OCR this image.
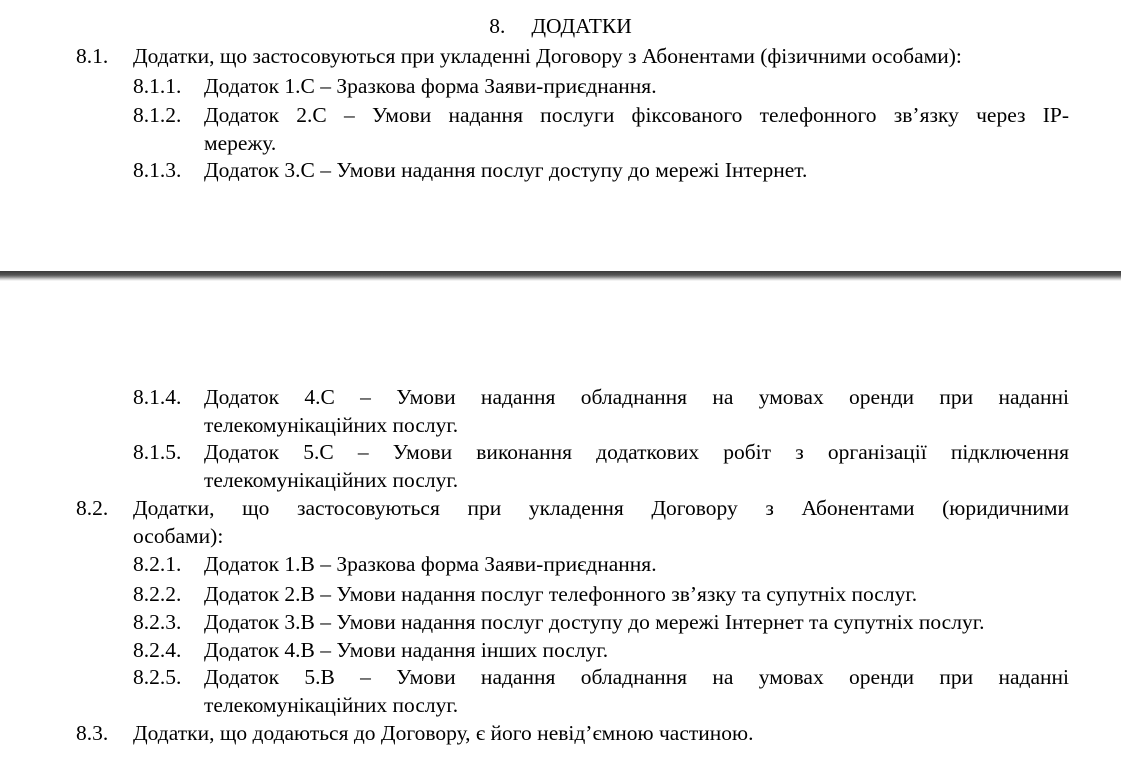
8. ДОДАТКИ
8.1.	Додатки, що застосовуються при укладенні Договору з Абонентами (фізичними особами):
8.1.1.	Додаток 1.С – Зразкова форма Заяви-приєднання.
8.1.2.	Додаток 2.С – Умови надання послуги фіксованого телефонного зв’язку через IP-
мережу.
8.1.3.	Додаток 3.С – Умови надання послуг доступу до мережі Інтернет.
8.1.4.	Додаток 4.С – Умови надання обладнання на умовах оренди при наданні
телекомунікаційних послуг.
8.1.5.	Додаток 5.С – Умови виконання додаткових робіт з організації підключення
телекомунікаційних послуг.
8.2.	Додатки, що застосовуються при укладення Договору з Абонентами (юридичними
особами):
8.2.1.	Додаток 1.В – Зразкова форма Заяви-приєднання.
8.2.2.	Додаток 2.В – Умови надання послуг телефонного зв’язку та супутніх послуг.
8.2.3.	Додаток 3.В – Умови надання послуг доступу до мережі Інтернет та супутніх послуг.
8.2.4.	Додаток 4.В – Умови надання інших послуг.
8.2.5.	Додаток 5.В – Умови надання обладнання на умовах оренди при наданні
телекомунікаційних послуг.
8.3.	Додатки, що додаються до Договору, є його невід’ємною частиною.
